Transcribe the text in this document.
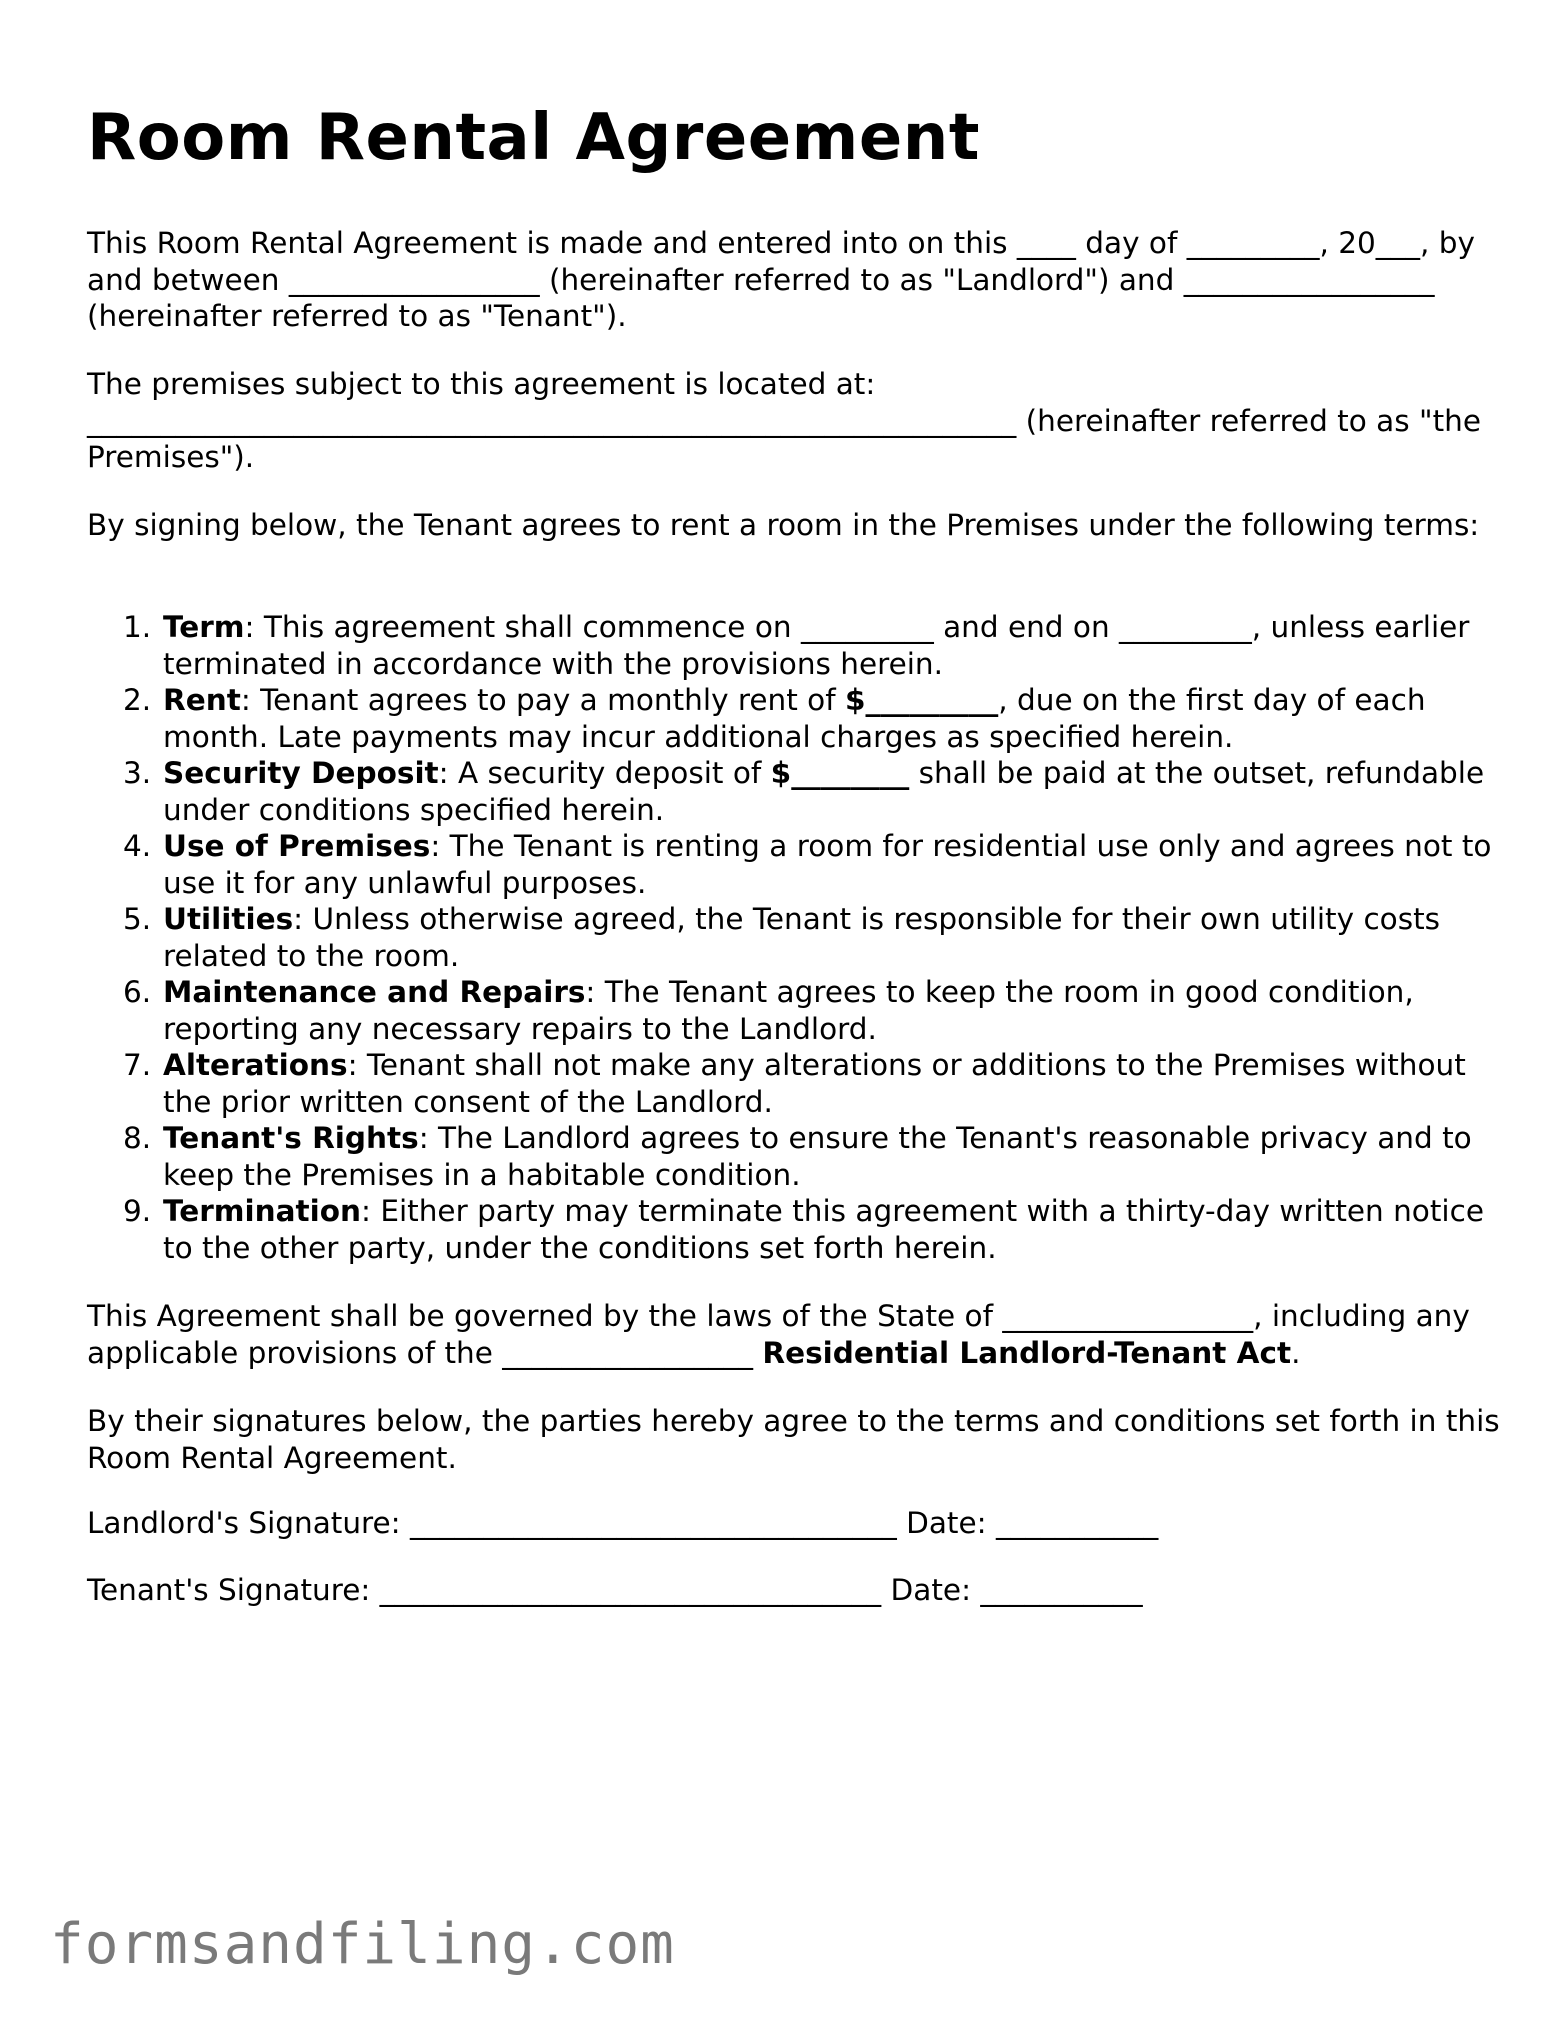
Room Rental Agreement

This Room Rental Agreement is made and entered into on this ____ day of _________, 20___, by and between _________________ (hereinafter referred to as "Landlord") and _________________ (hereinafter referred to as "Tenant").

The premises subject to this agreement is located at: _______________________________________________________________ (hereinafter referred to as "the Premises").

By signing below, the Tenant agrees to rent a room in the Premises under the following terms:

1. Term: This agreement shall commence on _________ and end on _________, unless earlier terminated in accordance with the provisions herein.
2. Rent: Tenant agrees to pay a monthly rent of $_________, due on the first day of each month. Late payments may incur additional charges as specified herein.
3. Security Deposit: A security deposit of $________ shall be paid at the outset, refundable under conditions specified herein.
4. Use of Premises: The Tenant is renting a room for residential use only and agrees not to use it for any unlawful purposes.
5. Utilities: Unless otherwise agreed, the Tenant is responsible for their own utility costs related to the room.
6. Maintenance and Repairs: The Tenant agrees to keep the room in good condition, reporting any necessary repairs to the Landlord.
7. Alterations: Tenant shall not make any alterations or additions to the Premises without the prior written consent of the Landlord.
8. Tenant's Rights: The Landlord agrees to ensure the Tenant's reasonable privacy and to keep the Premises in a habitable condition.
9. Termination: Either party may terminate this agreement with a thirty-day written notice to the other party, under the conditions set forth herein.

This Agreement shall be governed by the laws of the State of _________________, including any applicable provisions of the _________________ Residential Landlord-Tenant Act.

By their signatures below, the parties hereby agree to the terms and conditions set forth in this Room Rental Agreement.

Landlord's Signature: _________________________________ Date: ___________

Tenant's Signature: __________________________________ Date: ___________

formsandfiling.com
